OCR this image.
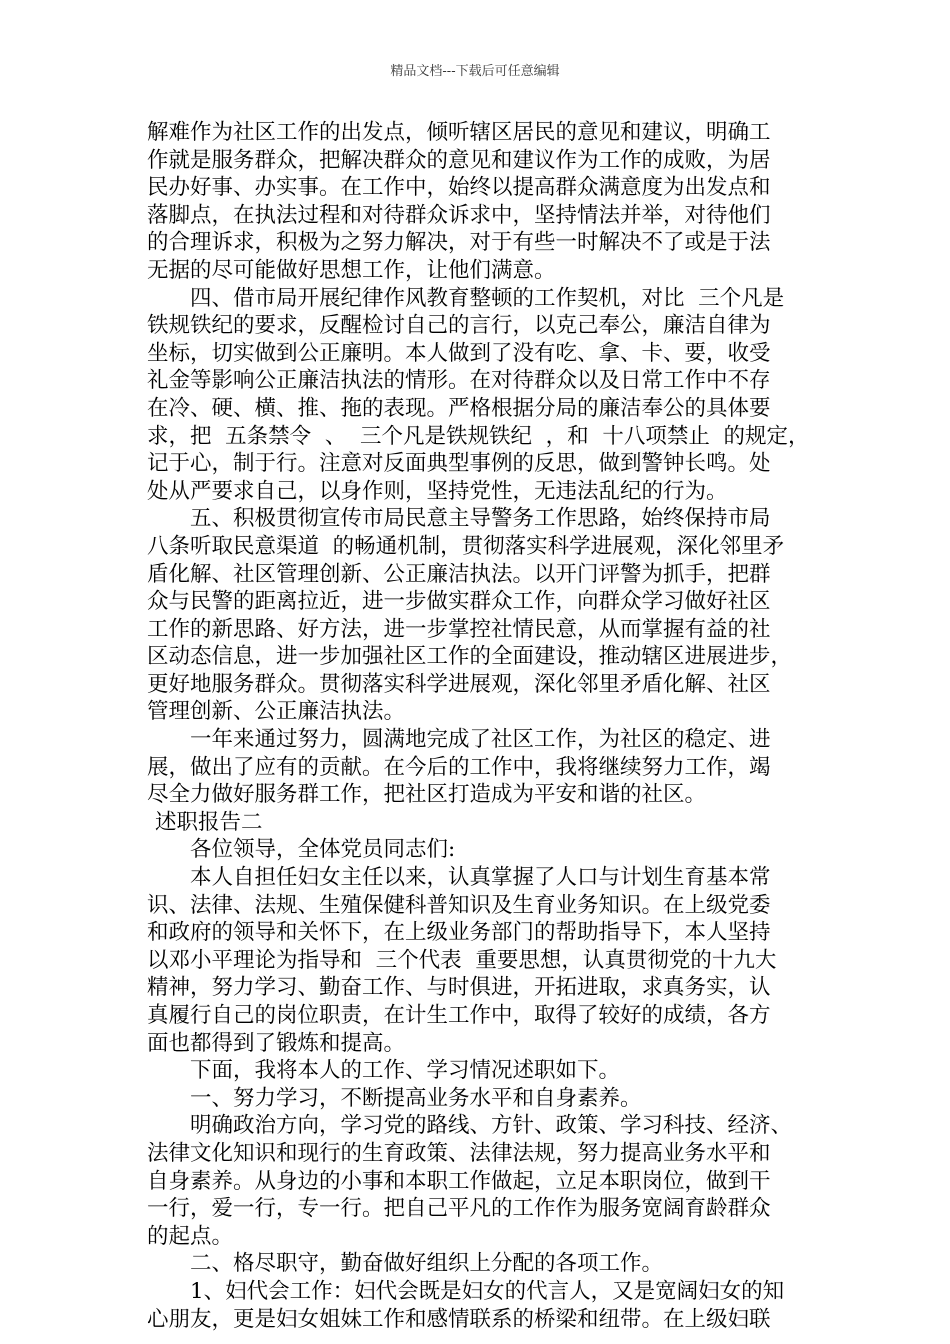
精品文档---下载后可任意编辑
解难作为社区工作的出发点，倾听辖区居民的意见和建议，明确工
作就是服务群众，把解决群众的意见和建议作为工作的成败，为居
民办好事、办实事。在工作中，始终以提高群众满意度为出发点和
落脚点，在执法过程和对待群众诉求中，坚持情法并举，对待他们
的合理诉求，积极为之努力解决，对于有些一时解决不了或是于法
无据的尽可能做好思想工作，让他们满意。
四、借市局开展纪律作风教育整顿的工作契机，对比  三个凡是
铁规铁纪的要求，反醒检讨自己的言行，以克己奉公，廉洁自律为
坐标，切实做到公正廉明。本人做到了没有吃、拿、卡、要，收受
礼金等影响公正廉洁执法的情形。在对待群众以及日常工作中不存
在冷、硬、横、推、拖的表现。严格根据分局的廉洁奉公的具体要
求，把  五条禁令  、  三个凡是铁规铁纪  ，和  十八项禁止  的规定，
记于心，制于行。注意对反面典型事例的反思，做到警钟长鸣。处
处从严要求自己，以身作则，坚持党性，无违法乱纪的行为。
五、积极贯彻宣传市局民意主导警务工作思路，始终保持市局
八条听取民意渠道  的畅通机制，贯彻落实科学进展观，深化邻里矛
盾化解、社区管理创新、公正廉洁执法。以开门评警为抓手，把群
众与民警的距离拉近，进一步做实群众工作，向群众学习做好社区
工作的新思路、好方法，进一步掌控社情民意，从而掌握有益的社
区动态信息，进一步加强社区工作的全面建设，推动辖区进展进步，
更好地服务群众。贯彻落实科学进展观，深化邻里矛盾化解、社区
管理创新、公正廉洁执法。
一年来通过努力，圆满地完成了社区工作，为社区的稳定、进
展，做出了应有的贡献。在今后的工作中，我将继续努力工作，竭
尽全力做好服务群工作，把社区打造成为平安和谐的社区。
述职报告二
各位领导，全体党员同志们:
本人自担任妇女主任以来，认真掌握了人口与计划生育基本常
识、法律、法规、生殖保健科普知识及生育业务知识。在上级党委
和政府的领导和关怀下，在上级业务部门的帮助指导下，本人坚持
以邓小平理论为指导和  三个代表  重要思想，认真贯彻党的十九大
精神，努力学习、勤奋工作、与时俱进，开拓进取，求真务实，认
真履行自己的岗位职责，在计生工作中，取得了较好的成绩，各方
面也都得到了锻炼和提高。
下面，我将本人的工作、学习情况述职如下。
一、努力学习，不断提高业务水平和自身素养。
明确政治方向，学习党的路线、方针、政策、学习科技、经济、
法律文化知识和现行的生育政策、法律法规，努力提高业务水平和
自身素养。从身边的小事和本职工作做起，立足本职岗位，做到干
一行，爱一行，专一行。把自己平凡的工作作为服务宽阔育龄群众
的起点。
二、格尽职守，勤奋做好组织上分配的各项工作。
1、妇代会工作：妇代会既是妇女的代言人，又是宽阔妇女的知
心朋友，更是妇女姐妹工作和感情联系的桥梁和纽带。在上级妇联
